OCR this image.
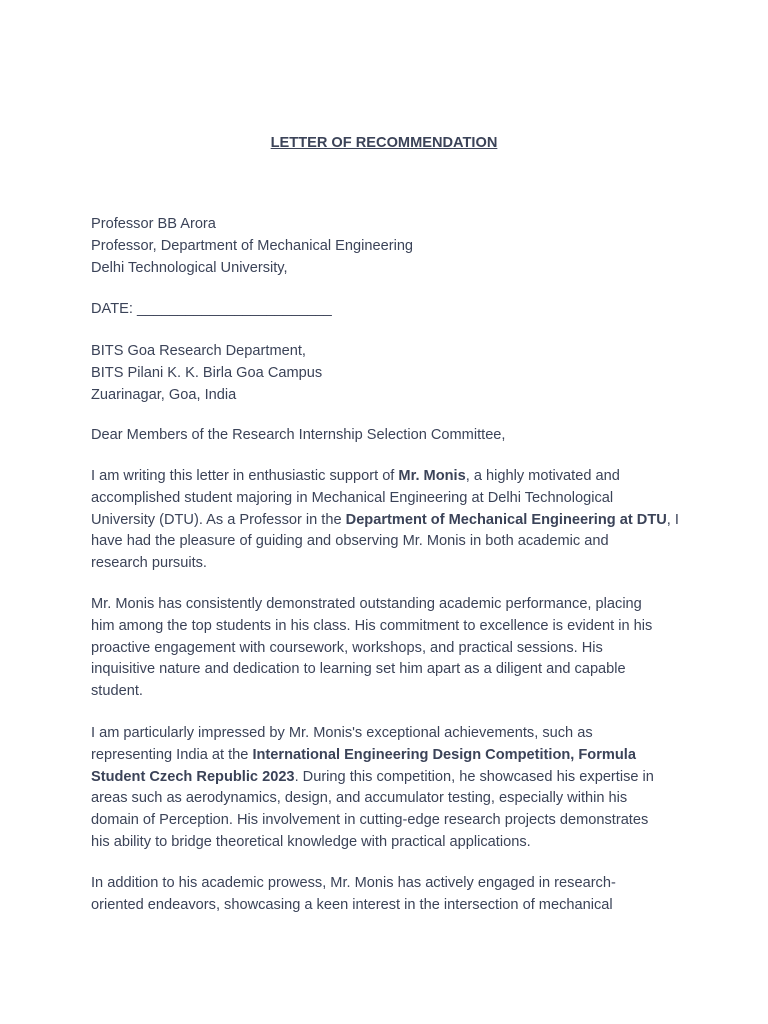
LETTER OF RECOMMENDATION
Professor BB Arora
Professor, Department of Mechanical Engineering
Delhi Technological University,
DATE: ________________________
BITS Goa Research Department,
BITS Pilani K. K. Birla Goa Campus
Zuarinagar, Goa, India
Dear Members of the Research Internship Selection Committee,
I am writing this letter in enthusiastic support of Mr. Monis, a highly motivated and
accomplished student majoring in Mechanical Engineering at Delhi Technological
University (DTU). As a Professor in the Department of Mechanical Engineering at DTU, I
have had the pleasure of guiding and observing Mr. Monis in both academic and
research pursuits.
Mr. Monis has consistently demonstrated outstanding academic performance, placing
him among the top students in his class. His commitment to excellence is evident in his
proactive engagement with coursework, workshops, and practical sessions. His
inquisitive nature and dedication to learning set him apart as a diligent and capable
student.
I am particularly impressed by Mr. Monis's exceptional achievements, such as
representing India at the International Engineering Design Competition, Formula
Student Czech Republic 2023. During this competition, he showcased his expertise in
areas such as aerodynamics, design, and accumulator testing, especially within his
domain of Perception. His involvement in cutting-edge research projects demonstrates
his ability to bridge theoretical knowledge with practical applications.
In addition to his academic prowess, Mr. Monis has actively engaged in research-
oriented endeavors, showcasing a keen interest in the intersection of mechanical
